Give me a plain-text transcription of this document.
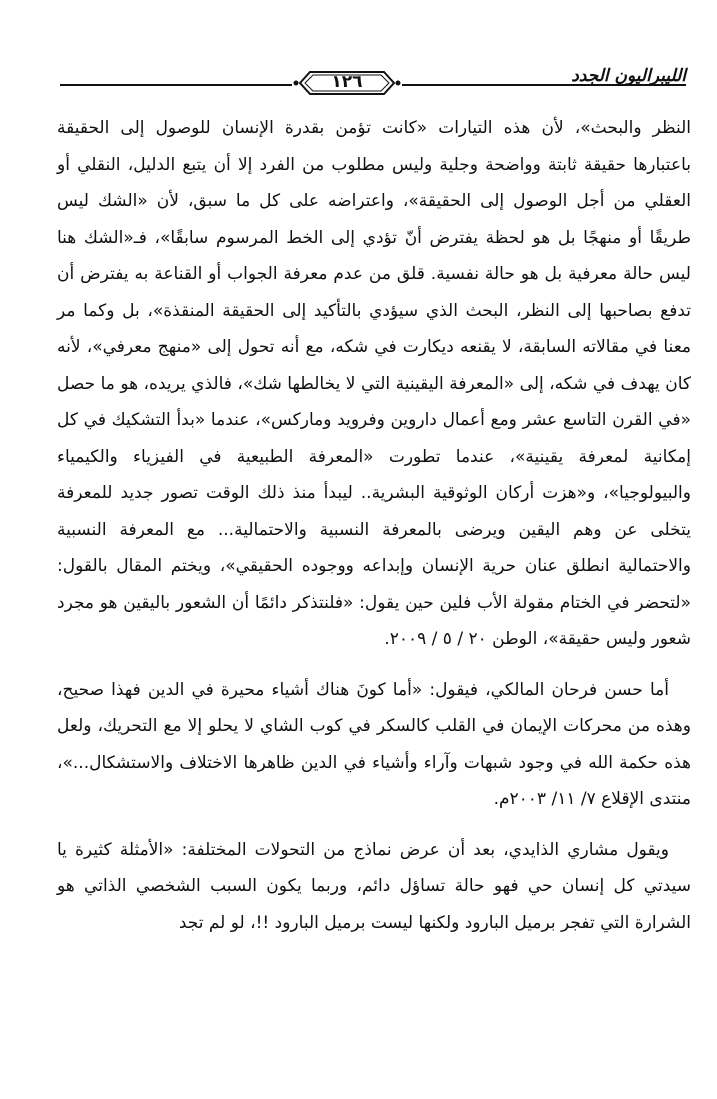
الليبراليون الجدد
١٢٦

النظر والبحث»، لأن هذه التيارات «كانت تؤمن بقدرة الإنسان للوصول إلى الحقيقة باعتبارها حقيقة ثابتة وواضحة وجلية وليس مطلوب من الفرد إلا أن يتبع الدليل، النقلي أو العقلي من أجل الوصول إلى الحقيقة»، واعتراضه على كل ما سبق، لأن «الشك ليس طريقًا أو منهجًا بل هو لحظة يفترض أنّ تؤدي إلى الخط المرسوم سابقًا»، فـ«الشك هنا ليس حالة معرفية بل هو حالة نفسية. قلق من عدم معرفة الجواب أو القناعة به يفترض أن تدفع بصاحبها إلى النظر، البحث الذي سيؤدي بالتأكيد إلى الحقيقة المنقذة»، بل وكما مر معنا في مقالاته السابقة، لا يقنعه ديكارت في شكه، مع أنه تحول إلى «منهج معرفي»، لأنه كان يهدف في شكه، إلى «المعرفة اليقينية التي لا يخالطها شك»، فالذي يريده، هو ما حصل «في القرن التاسع عشر ومع أعمال داروين وفرويد وماركس»، عندما «بدأ التشكيك في كل إمكانية لمعرفة يقينية»، عندما تطورت «المعرفة الطبيعية في الفيزياء والكيمياء والبيولوجيا»، و«هزت أركان الوثوقية البشرية.. ليبدأ منذ ذلك الوقت تصور جديد للمعرفة يتخلى عن وهم اليقين ويرضى بالمعرفة النسبية والاحتمالية... مع المعرفة النسبية والاحتمالية انطلق عنان حرية الإنسان وإبداعه ووجوده الحقيقي»، ويختم المقال بالقول: «لتحضر في الختام مقولة الأب فلين حين يقول: «فلنتذكر دائمًا أن الشعور باليقين هو مجرد شعور وليس حقيقة»، الوطن ٢٠ / ٥ / ٢٠٠٩.

أما حسن فرحان المالكي، فيقول: «أما كونَ هناك أشياء محيرة في الدين فهذا صحيح، وهذه من محركات الإيمان في القلب كالسكر في كوب الشاي لا يحلو إلا مع التحريك، ولعل هذه حكمة الله في وجود شبهات وآراء وأشياء في الدين ظاهرها الاختلاف والاستشكال...»، منتدى الإقلاع ٧/ ١١/ ٢٠٠٣م.

ويقول مشاري الذايدي، بعد أن عرض نماذج من التحولات المختلفة: «الأمثلة كثيرة يا سيدتي كل إنسان حي فهو حالة تساؤل دائم، وربما يكون السبب الشخصي الذاتي هو الشرارة التي تفجر برميل البارود ولكنها ليست برميل البارود !!، لو لم تجد
